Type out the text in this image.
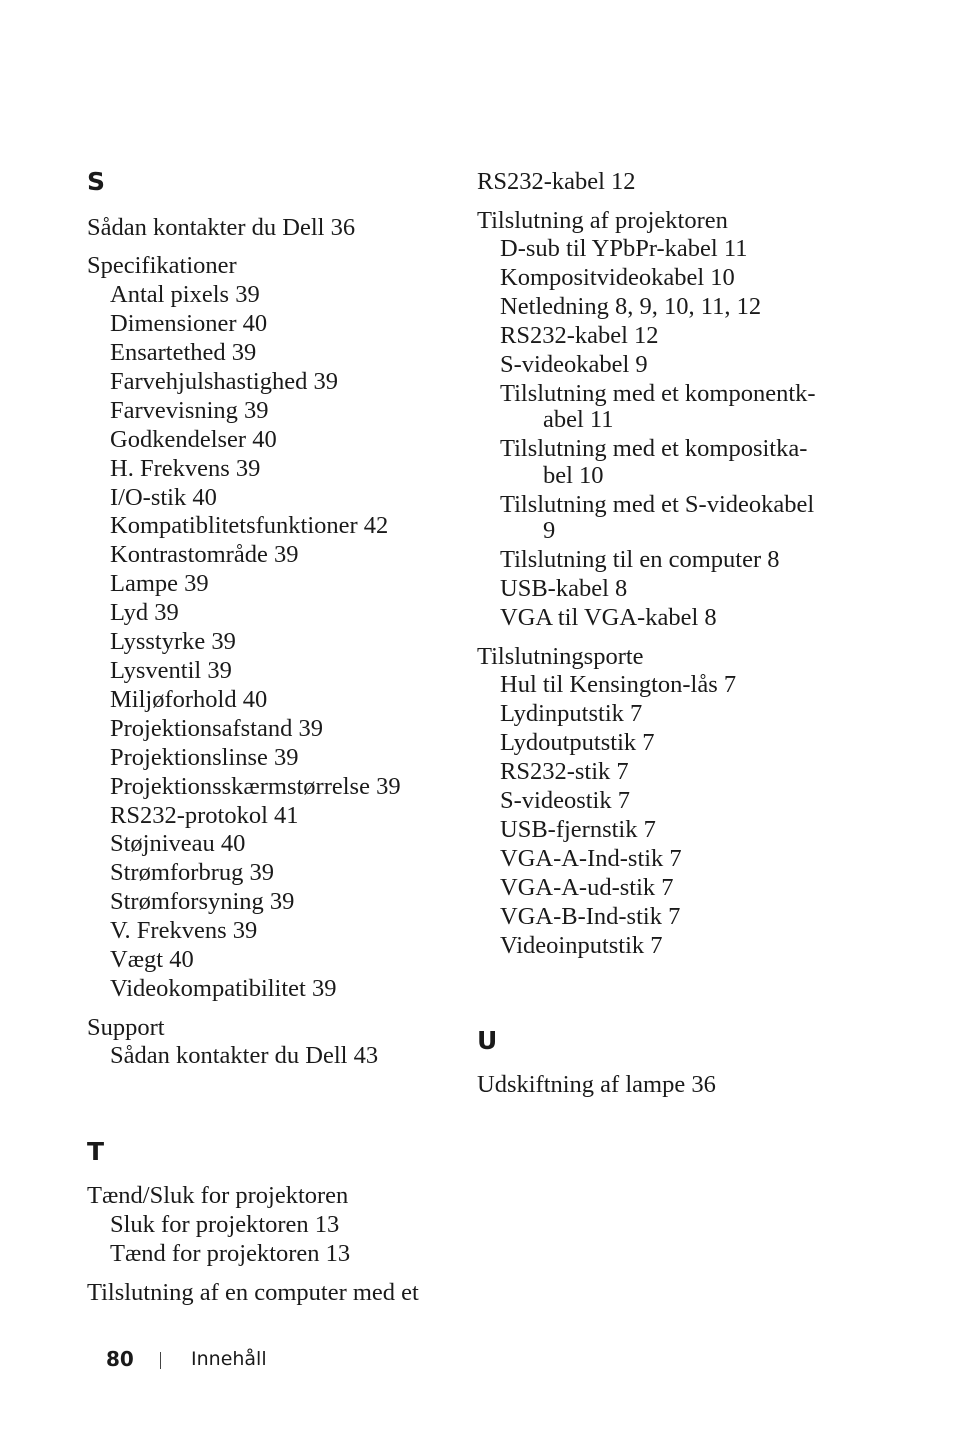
S

Sådan kontakter du Dell 36

Specifikationer

Antal pixels 39

Dimensioner 40

Ensartethed 39

Farvehjulshastighed 39

Farvevisning 39

Godkendelser 40

H. Frekvens 39

I/O-stik 40

Kompatiblitetsfunktioner 42

Kontrastområde 39

Lampe 39

Lyd 39

Lysstyrke 39

Lysventil 39

Miljøforhold 40

Projektionsafstand 39

Projektionslinse 39

Projektionsskærmstørrelse 39

RS232-protokol 41

Støjniveau 40

Strømforbrug 39

Strømforsyning 39

V. Frekvens 39

Vægt 40

Videokompatibilitet 39

Support

Sådan kontakter du Dell 43

T

Tænd/Sluk for projektoren

Sluk for projektoren 13

Tænd for projektoren 13

Tilslutning af en computer med et

RS232-kabel 12

Tilslutning af projektoren

D-sub til YPbPr-kabel 11

Kompositvideokabel 10

Netledning 8, 9, 10, 11, 12

RS232-kabel 12

S-videokabel 9

Tilslutning med et komponentk-

abel 11

Tilslutning med et kompositka-

bel 10

Tilslutning med et S-videokabel

9

Tilslutning til en computer 8

USB-kabel 8

VGA til VGA-kabel 8

Tilslutningsporte

Hul til Kensington-lås 7

Lydinputstik 7

Lydoutputstik 7

RS232-stik 7

S-videostik 7

USB-fjernstik 7

VGA-A-Ind-stik 7

VGA-A-ud-stik 7

VGA-B-Ind-stik 7

Videoinputstik 7

U

Udskiftning af lampe 36

80	Innehåll
